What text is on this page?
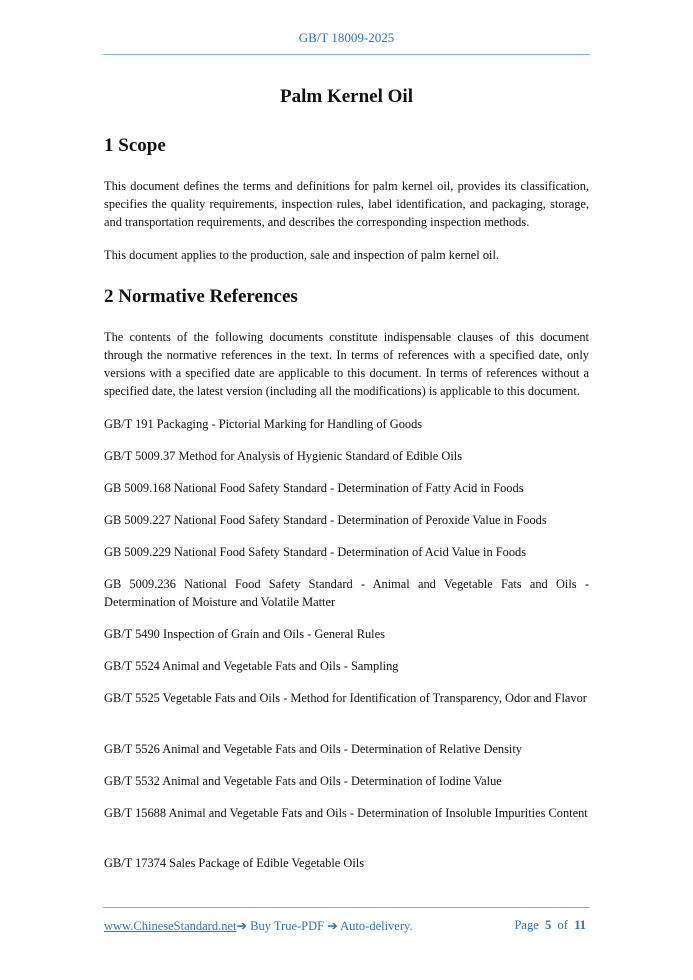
GB/T 18009-2025
Palm Kernel Oil
1 Scope

This document defines the terms and definitions for palm kernel oil, provides its classification, specifies the quality requirements, inspection rules, label identification, and packaging, storage, and transportation requirements, and describes the corresponding inspection methods.

This document applies to the production, sale and inspection of palm kernel oil.

2 Normative References

The contents of the following documents constitute indispensable clauses of this document through the normative references in the text. In terms of references with a specified date, only versions with a specified date are applicable to this document. In terms of references without a specified date, the latest version (including all the modifications) is applicable to this document.

GB/T 191 Packaging - Pictorial Marking for Handling of Goods

GB/T 5009.37 Method for Analysis of Hygienic Standard of Edible Oils

GB 5009.168 National Food Safety Standard - Determination of Fatty Acid in Foods

GB 5009.227 National Food Safety Standard - Determination of Peroxide Value in Foods

GB 5009.229 National Food Safety Standard - Determination of Acid Value in Foods

GB 5009.236 National Food Safety Standard - Animal and Vegetable Fats and Oils - Determination of Moisture and Volatile Matter

GB/T 5490 Inspection of Grain and Oils - General Rules

GB/T 5524 Animal and Vegetable Fats and Oils - Sampling

GB/T 5525 Vegetable Fats and Oils - Method for Identification of Transparency, Odor and Flavor

GB/T 5526 Animal and Vegetable Fats and Oils - Determination of Relative Density

GB/T 5532 Animal and Vegetable Fats and Oils - Determination of Iodine Value

GB/T 15688 Animal and Vegetable Fats and Oils - Determination of Insoluble Impurities Content

GB/T 17374 Sales Package of Edible Vegetable Oils

www.ChineseStandard.net➔ Buy True-PDF ➔ Auto-delivery.	Page 5 of 11
